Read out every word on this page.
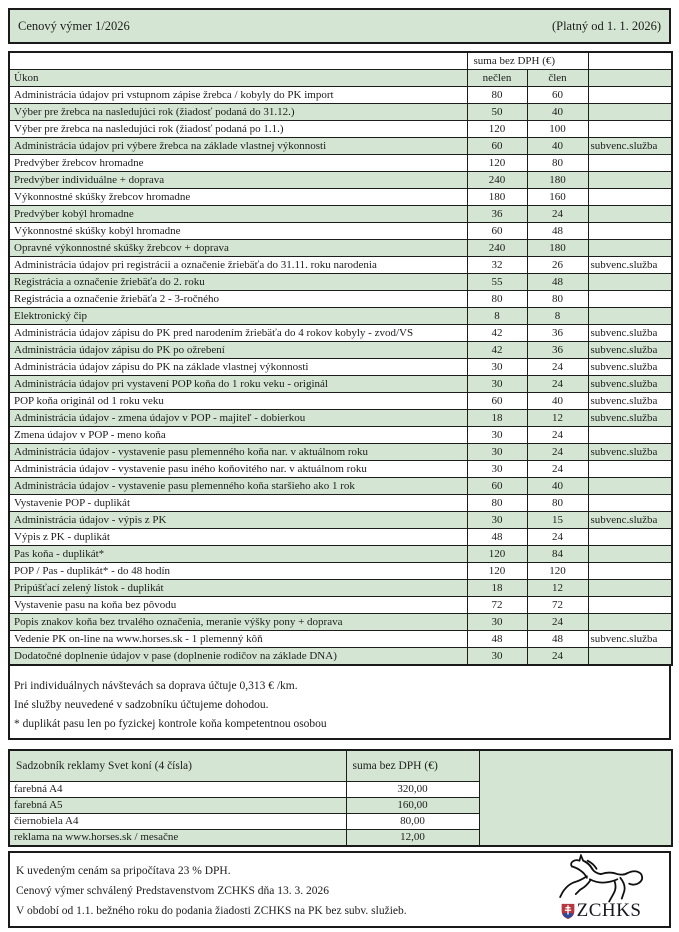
Cenový výmer 1/2026	(Platný od 1. 1. 2026)
	suma bez DPH (€)		
Úkon	nečlen	člen	
Administrácia údajov pri vstupnom zápise žrebca / kobyly do PK import	80	60	
Výber pre žrebca na nasledujúci rok (žiadosť podaná do 31.12.)	50	40	
Výber pre žrebca na nasledujúci rok (žiadosť podaná po 1.1.)	120	100	
Administrácia údajov pri výbere žrebca na základe vlastnej výkonnosti	60	40	subvenc.služba
Predvýber žrebcov hromadne	120	80	
Predvýber individuálne + doprava	240	180	
Výkonnostné skúšky žrebcov hromadne	180	160	
Predvýber kobýl hromadne	36	24	
Výkonnostné skúšky kobýl hromadne	60	48	
Opravné výkonnostné skúšky žrebcov + doprava	240	180	
Administrácia údajov pri registrácii a označenie žriebäťa do 31.11. roku narodenia	32	26	subvenc.služba
Registrácia a označenie žriebäťa do 2. roku	55	48	
Registrácia a označenie žriebäťa 2 - 3-ročného	80	80	
Elektronický čip	8	8	
Administrácia údajov zápisu do PK pred narodením žriebäťa do 4 rokov kobyly - zvod/VS	42	36	subvenc.služba
Administrácia údajov zápisu do PK po ožrebení	42	36	subvenc.služba
Administrácia údajov zápisu do PK na základe vlastnej výkonnosti	30	24	subvenc.služba
Administrácia údajov pri vystavení POP koňa do 1 roku veku - originál	30	24	subvenc.služba
POP koňa originál od 1 roku veku	60	40	subvenc.služba
Administrácia údajov - zmena údajov v POP - majiteľ - dobierkou	18	12	subvenc.služba
Zmena údajov v POP - meno koňa	30	24	
Administrácia údajov - vystavenie pasu plemenného koňa nar. v aktuálnom roku	30	24	subvenc.služba
Administrácia údajov - vystavenie pasu iného koňovitého nar. v aktuálnom roku	30	24	
Administrácia údajov - vystavenie pasu plemenného koňa staršieho ako 1 rok	60	40	
Vystavenie POP - duplikát	80	80	
Administrácia údajov - výpis z PK	30	15	subvenc.služba
Výpis z PK - duplikát	48	24	
Pas koňa - duplikát*	120	84	
POP / Pas - duplikát* - do 48 hodín	120	120	
Pripúšťací zelený lístok - duplikát	18	12	
Vystavenie pasu na koňa bez pôvodu	72	72	
Popis znakov koňa bez trvalého označenia, meranie výšky pony + doprava	30	24	
Vedenie PK on-line na www.horses.sk - 1 plemenný kôň	48	48	subvenc.služba
Dodatočné doplnenie údajov v pase (doplnenie rodičov na základe DNA)	30	24	
Pri individuálnych návštevách sa doprava účtuje 0,313 € /km.
Iné služby neuvedené v sadzobníku účtujeme dohodou.
* duplikát pasu len po fyzickej kontrole koňa kompetentnou osobou
Sadzobník reklamy Svet koní (4 čísla)	suma bez DPH (€)	
farebná A4	320,00	
farebná A5	160,00	
čiernobiela A4	80,00	
reklama na www.horses.sk / mesačne	12,00	
K uvedeným cenám sa pripočítava 23 % DPH.
Cenový výmer schválený Predstavenstvom ZCHKS dňa 13. 3. 2026
V období od 1.1. bežného roku do podania žiadosti ZCHKS na PK bez subv. služieb.	ZCHKS
